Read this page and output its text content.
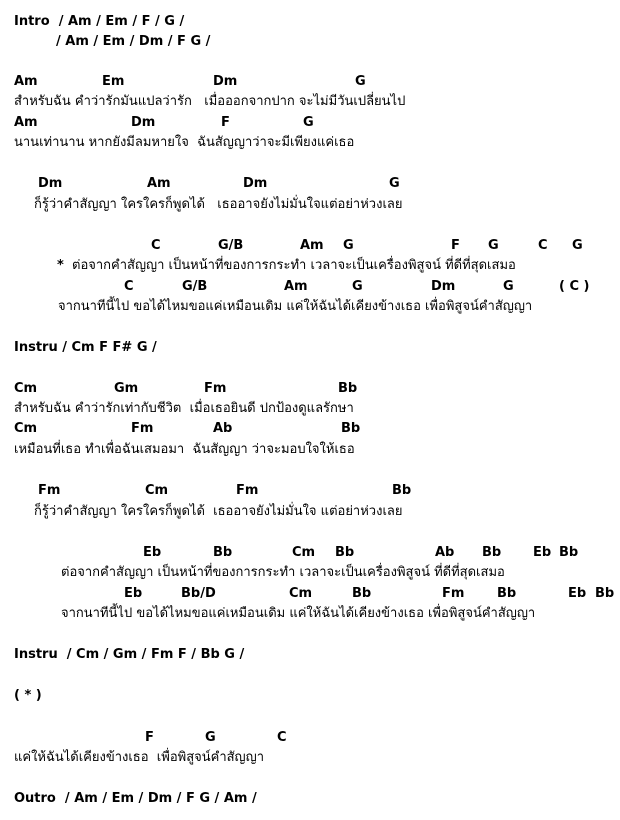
Intro  / Am / Em / F / G /
/ Am / Em / Dm / F G /
Am	Em	Dm	G
สำหรับฉัน คำว่ารักมันแปลว่ารัก   เมื่อออกจากปาก จะไม่มีวันเปลี่ยนไป
Am	Dm	F	G
นานเท่านาน หากยังมีลมหายใจ  ฉันสัญญาว่าจะมีเพียงแค่เธอ
Dm	Am	Dm	G
ก็รู้ว่าคำสัญญา ใครใครก็พูดได้   เธออาจยังไม่มั่นใจแต่อย่าห่วงเลย
C	G/B	Am G	F G	C G
* ต่อจากคำสัญญา เป็นหน้าที่ของการกระทำ เวลาจะเป็นเครื่องพิสูจน์ ที่ดีที่สุดเสมอ
C	G/B	Am	G	Dm	G	( C )
จากนาทีนี้ไป ขอได้ไหมขอแค่เหมือนเดิม แค่ให้ฉันได้เคียงข้างเธอ เพื่อพิสูจน์คำสัญญา
Instru / Cm F F# G /
Cm	Gm	Fm	Bb
สำหรับฉัน คำว่ารักเท่ากับชีวิต  เมื่อเธอยินดี ปกป้องดูแลรักษา
Cm	Fm	Ab	Bb
เหมือนที่เธอ ทำเพื่อฉันเสมอมา  ฉันสัญญา ว่าจะมอบใจให้เธอ
Fm	Cm	Fm	Bb
ก็รู้ว่าคำสัญญา ใครใครก็พูดได้  เธออาจยังไม่มั่นใจ แต่อย่าห่วงเลย
Eb	Bb	Cm Bb	Ab Bb Eb Bb
ต่อจากคำสัญญา เป็นหน้าที่ของการกระทำ เวลาจะเป็นเครื่องพิสูจน์ ที่ดีที่สุดเสมอ
Eb	Bb/D	Cm	Bb	Fm	Bb	Eb Bb
จากนาทีนี้ไป ขอได้ไหมขอแค่เหมือนเดิม แค่ให้ฉันได้เคียงข้างเธอ เพื่อพิสูจน์คำสัญญา
Instru  / Cm / Gm / Fm F / Bb G /
( * )
F	G	C
แค่ให้ฉันได้เคียงข้างเธอ  เพื่อพิสูจน์คำสัญญา
Outro  / Am / Em / Dm / F G / Am /
